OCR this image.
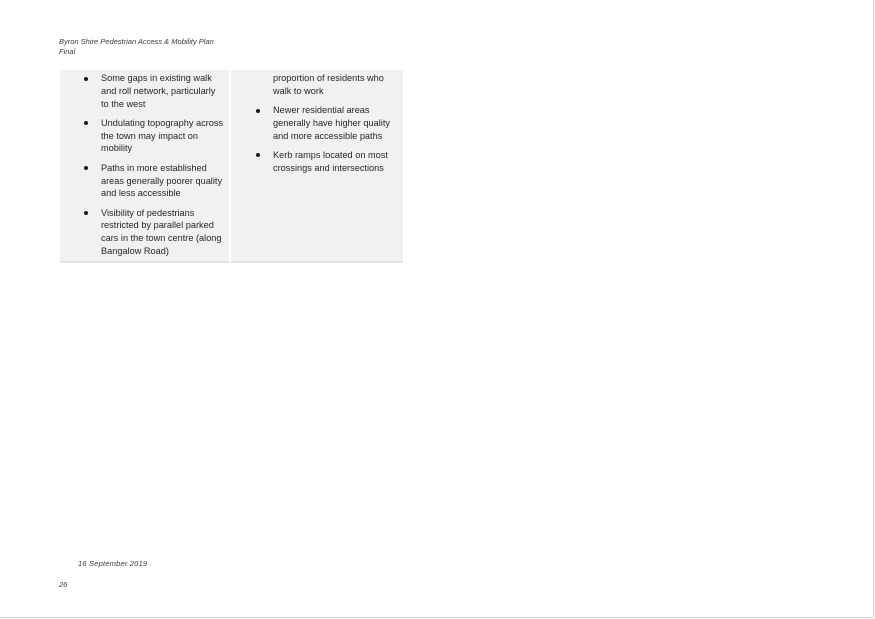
Byron Shire Pedestrian Access & Mobility Plan
Final
Some gaps in existing walk and roll network, particularly to the west
Undulating topography across the town may impact on mobility
Paths in more established areas generally poorer quality and less accessible
Visibility of pedestrians restricted by parallel parked cars in the town centre (along Bangalow Road)
proportion of residents who walk to work
Newer residential areas generally have higher quality and more accessible paths
Kerb ramps located on most crossings and intersections
16 September 2019
26
